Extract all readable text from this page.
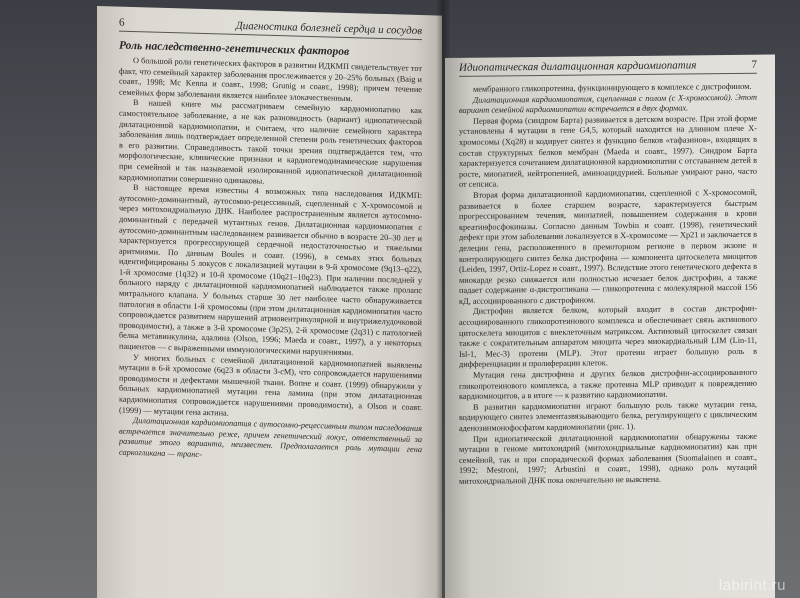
6	Диагностика болезней сердца и сосудов
Роль наследственно-генетических факторов

О большой роли генетических факторов в развитии ИДКМП свидетельствует тот факт, что семейный характер заболевания прослеживается у 20–25% больных (Baig и соавт., 1998; Mc Kenna и соавт., 1998; Grunig и соавт., 1998); причем течение семейных форм заболевания является наиболее злокачественным.

В нашей книге мы рассматриваем семейную кардиомиопатию как самостоятельное заболевание, а не как разновидность (вариант) идиопатической дилатационной кардиомиопатии, и считаем, что наличие семейного характера заболевания лишь подтверждает определенной степени роль генетических факторов в его развитии. Справедливость такой точки зрения подтверждается тем, что морфологические, клинические признаки и кардиогемодинамические нарушения при семейной и так называемой изолированной идиопатической дилатационной кардиомиопатии совершенно одинаковы.

В настоящее время известны 4 возможных типа наследования ИДКМП: аутосомно-доминантный, аутосомно-рецессивный, сцепленный с Х-хромосомой и через митохондриальную ДНК. Наиболее распространенным является аутосомно-доминантный с передачей мутантных генов. Дилатационная кардиомиопатия с аутосомно-доминантным наследованием развивается обычно в возрасте 20–30 лет и характеризуется прогрессирующей сердечной недостаточностью и тяжелыми аритмиями. По данным Boules и соавт. (1996), в семьях этих больных идентифицированы 5 локусов с локализацией мутации в 9-й хромосоме (9q13–q22), 1-й хромосоме (1q32) и 10-й хромосоме (10q21–10q23). При наличии последней у больного наряду с дилатационной кардиомиопатией наблюдается также пролапс митрального клапана. У больных старше 30 лет наиболее часто обнаруживается патология в области 1-й хромосомы (при этом дилатационная кардиомиопатия часто сопровождается развитием нарушений атриовентрикулярной и внутрижелудочковой проводимости), а также в 3-й хромосоме (3p25), 2-й хромосоме (2q31) с патологией белка метавинкулина, адалина (Olson, 1996; Maeda и соавт., 1997), а у некоторых пациентов — с выраженными иммунологическими нарушениями.

У многих больных с семейной дилатационной кардиомиопатией выявлены мутации в 6-й хромосоме (6q23 в области 3-cM), что сопровождается нарушениями проводимости и дефектами мышечной ткани. Вопне и соавт. (1999) обнаружили у больных кардиомиопатией мутации гена ламина (при этом дилатационная кардиомиопатия сопровождается нарушениями проводимости), а Olson и соавт. (1999) — мутации гена актина.

Дилатационная кардиомиопатия с аутосомно-рецессивным типом наследования встречается значительно реже, причем генетический локус, ответственный за развитие этого варианта, неизвестен. Предполагается роль мутации гена саркогликана — транс-

Идиопатическая дилатационная кардиомиопатия	7

мембранного гликопротеина, функционирующего в комплексе с дистрофином.

Дилатационная кардиомиопатия, сцепленная с полом (с Х-хромосомой). Этот вариант семейной кардиомиопатии встречается в двух формах.

Первая форма (синдром Барта) развивается в детском возрасте. При этой форме установлены 4 мутации в гене G4,5, который находится на длинном плече Х-хромосомы (Xq28) и кодирует синтез и функцию белков «тафазинов», входящих в состав структурных белков мембран (Maeda и соавт., 1997). Синдром Барта характеризуется сочетанием дилатационной кардиомиопатии с отставанием детей в росте, миопатией, нейтропенией, аминоацидурией. Больные умирают рано, часто от сепсиса.

Вторая форма дилатационной кардиомиопатии, сцепленной с Х-хромосомой, развивается в более старшем возрасте, характеризуется быстрым прогрессированием течения, миопатией, повышением содержания в крови креатинфосфокиназы. Согласно данным Towbin и соавт. (1998), генетический дефект при этом заболевании локализуется в Х-хромосоме — Xp21 и заключается в делеции гена, расположенного в премоторном регионе в первом экзоне и контролирующего синтез белка дистрофина — компонента цитоскелета миоцитов (Leiden, 1997, Ortiz-Lopez и соавт., 1997). Вследствие этого генетического дефекта в миокарде резко снижается или полностью исчезает белок дистрофин, а также падает содержание α-дистрогликана — гликопротеина с молекулярной массой 156 кД, ассоциированного с дистрофином.

Дистрофин является белком, который входит в состав дистрофин-ассоциированного гликопротеинового комплекса и обеспечивает связь актинового цитоскелета миоцитов с внеклеточным матриксом. Актиновый цитоскелет связан также с сократительным аппаратом миоцита через миокардиальный LIM (Lin-11, Isl-1, Mec-3) протеин (MLP). Этот протеин играет большую роль в дифференциации и пролиферации клеток.

Мутация гена дистрофина и других белков дистрофин-ассоциированного гликопротеинового комплекса, а также протеина MLP приводит к повреждению кардиомиоцитов, а в итоге — к развитию кардиомиопатии.

В развитии кардиомиопатии играют большую роль также мутации гена, кодирующего синтез элементазвязывающего белка, регулирующего с циклическим аденозинмонофосфатом кардиомиопатии (рис. 1).

При идиопатической дилатационной кардиомиопатии обнаружены также мутации в геноме митохондрий (митохондриальные кардиомиопатии) как при семейной, так и при спорадической формах заболевания (Suomalainen и соавт., 1992; Mestroni, 1997; Arbustini и соавт., 1998), однако роль мутаций митохондриальной ДНК пока окончательно не выяснена.

labirint.ru
